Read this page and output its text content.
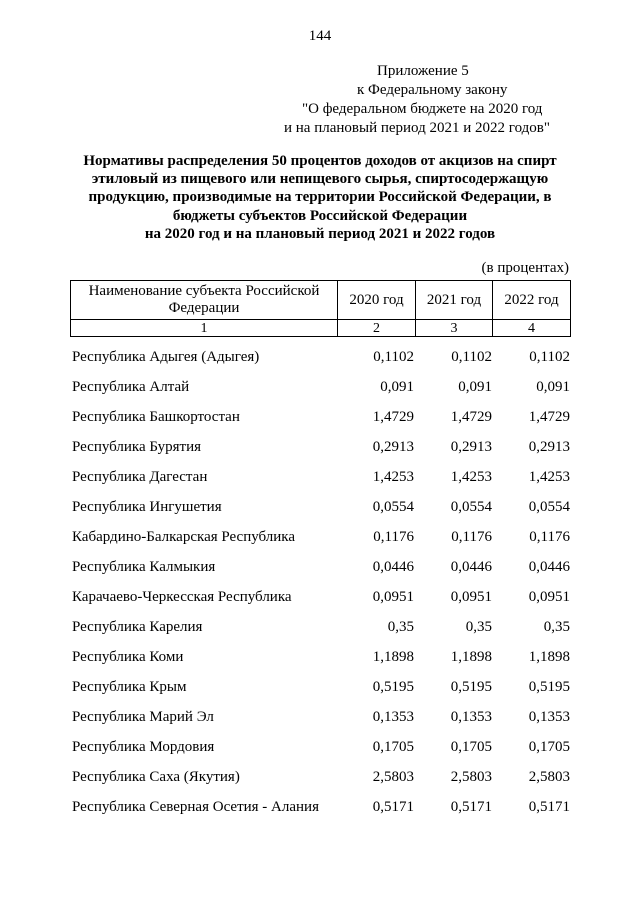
144
Приложение 5
к Федеральному закону
"О федеральном бюджете на 2020 год
и на плановый период 2021 и 2022 годов"
Нормативы распределения 50 процентов доходов от акцизов на спирт
этиловый из пищевого или непищевого сырья, спиртосодержащую
продукцию, производимые на территории Российской Федерации, в
бюджеты субъектов Российской Федерации
на 2020 год и на плановый период 2021 и 2022 годов
(в процентах)
Наименование субъекта Российской Федерации	2020 год	2021 год	2022 год
1	2	3	4
Республика Адыгея (Адыгея)	0,1102	0,1102	0,1102
Республика Алтай	0,091	0,091	0,091
Республика Башкортостан	1,4729	1,4729	1,4729
Республика Бурятия	0,2913	0,2913	0,2913
Республика Дагестан	1,4253	1,4253	1,4253
Республика Ингушетия	0,0554	0,0554	0,0554
Кабардино-Балкарская Республика	0,1176	0,1176	0,1176
Республика Калмыкия	0,0446	0,0446	0,0446
Карачаево-Черкесская Республика	0,0951	0,0951	0,0951
Республика Карелия	0,35	0,35	0,35
Республика Коми	1,1898	1,1898	1,1898
Республика Крым	0,5195	0,5195	0,5195
Республика Марий Эл	0,1353	0,1353	0,1353
Республика Мордовия	0,1705	0,1705	0,1705
Республика Саха (Якутия)	2,5803	2,5803	2,5803
Республика Северная Осетия - Алания	0,5171	0,5171	0,5171
